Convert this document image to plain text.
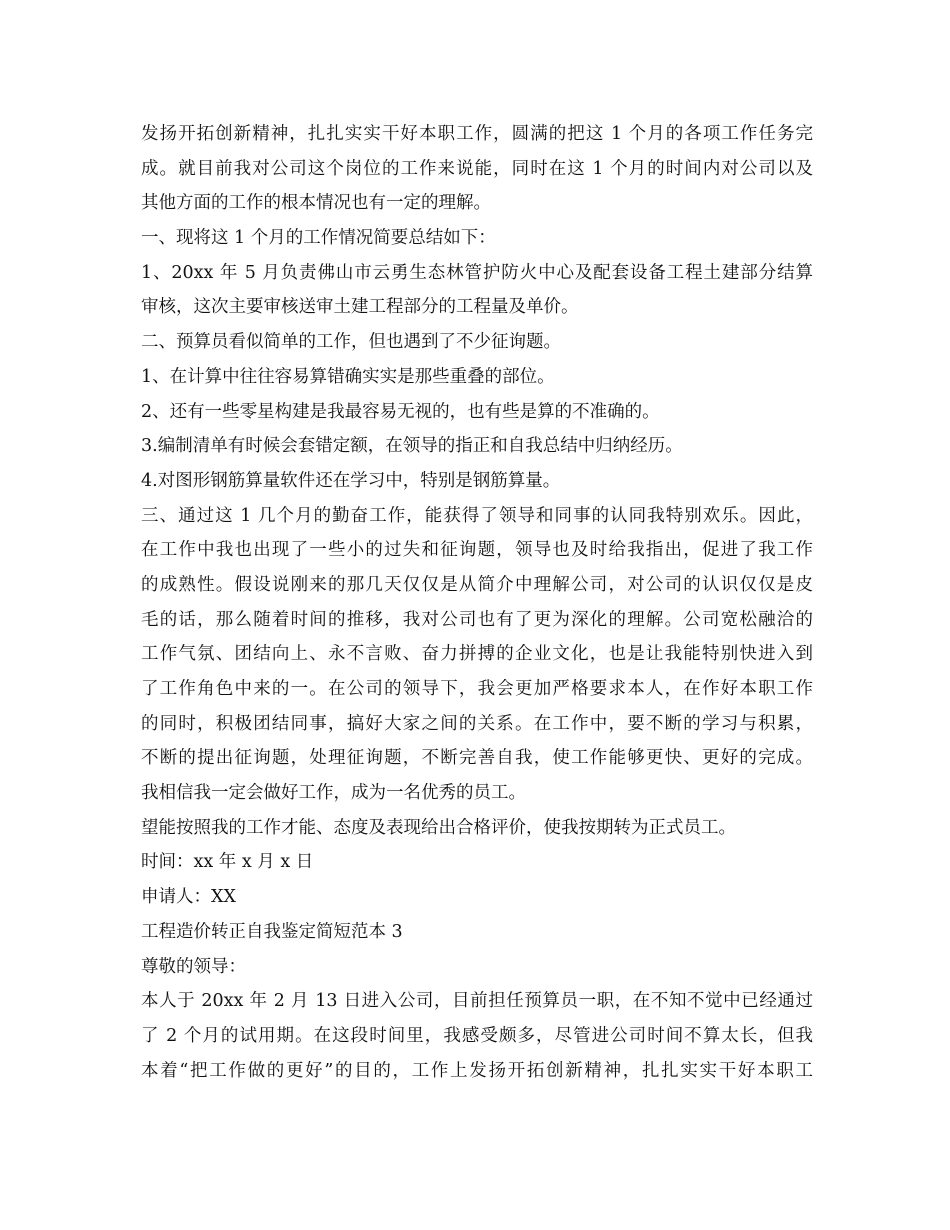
发扬开拓创新精神，扎扎实实干好本职工作，圆满的把这 1 个月的各项工作任务完
成。就目前我对公司这个岗位的工作来说能，同时在这 1 个月的时间内对公司以及
其他方面的工作的根本情况也有一定的理解。
一、现将这 1 个月的工作情况简要总结如下：
1、20xx 年 5 月负责佛山市云勇生态林管护防火中心及配套设备工程土建部分结算
审核，这次主要审核送审土建工程部分的工程量及单价。
二、预算员看似简单的工作，但也遇到了不少征询题。
1、在计算中往往容易算错确实实是那些重叠的部位。
2、还有一些零星构建是我最容易无视的，也有些是算的不准确的。
3.编制清单有时候会套错定额，在领导的指正和自我总结中归纳经历。
4.对图形钢筋算量软件还在学习中，特别是钢筋算量。
三、通过这 1 几个月的勤奋工作，能获得了领导和同事的认同我特别欢乐。因此，
在工作中我也出现了一些小的过失和征询题，领导也及时给我指出，促进了我工作
的成熟性。假设说刚来的那几天仅仅是从简介中理解公司，对公司的认识仅仅是皮
毛的话，那么随着时间的推移，我对公司也有了更为深化的理解。公司宽松融洽的
工作气氛、团结向上、永不言败、奋力拼搏的企业文化，也是让我能特别快进入到
了工作角色中来的一。在公司的领导下，我会更加严格要求本人，在作好本职工作
的同时，积极团结同事，搞好大家之间的关系。在工作中，要不断的学习与积累，
不断的提出征询题，处理征询题，不断完善自我，使工作能够更快、更好的完成。
我相信我一定会做好工作，成为一名优秀的员工。
望能按照我的工作才能、态度及表现给出合格评价，使我按期转为正式员工。
时间：xx 年 x 月 x 日
申请人：XX
工程造价转正自我鉴定简短范本 3
尊敬的领导：
本人于 20xx 年 2 月 13 日进入公司，目前担任预算员一职，在不知不觉中已经通过
了 2 个月的试用期。在这段时间里，我感受颇多，尽管进公司时间不算太长，但我
本着“把工作做的更好”的目的，工作上发扬开拓创新精神，扎扎实实干好本职工
